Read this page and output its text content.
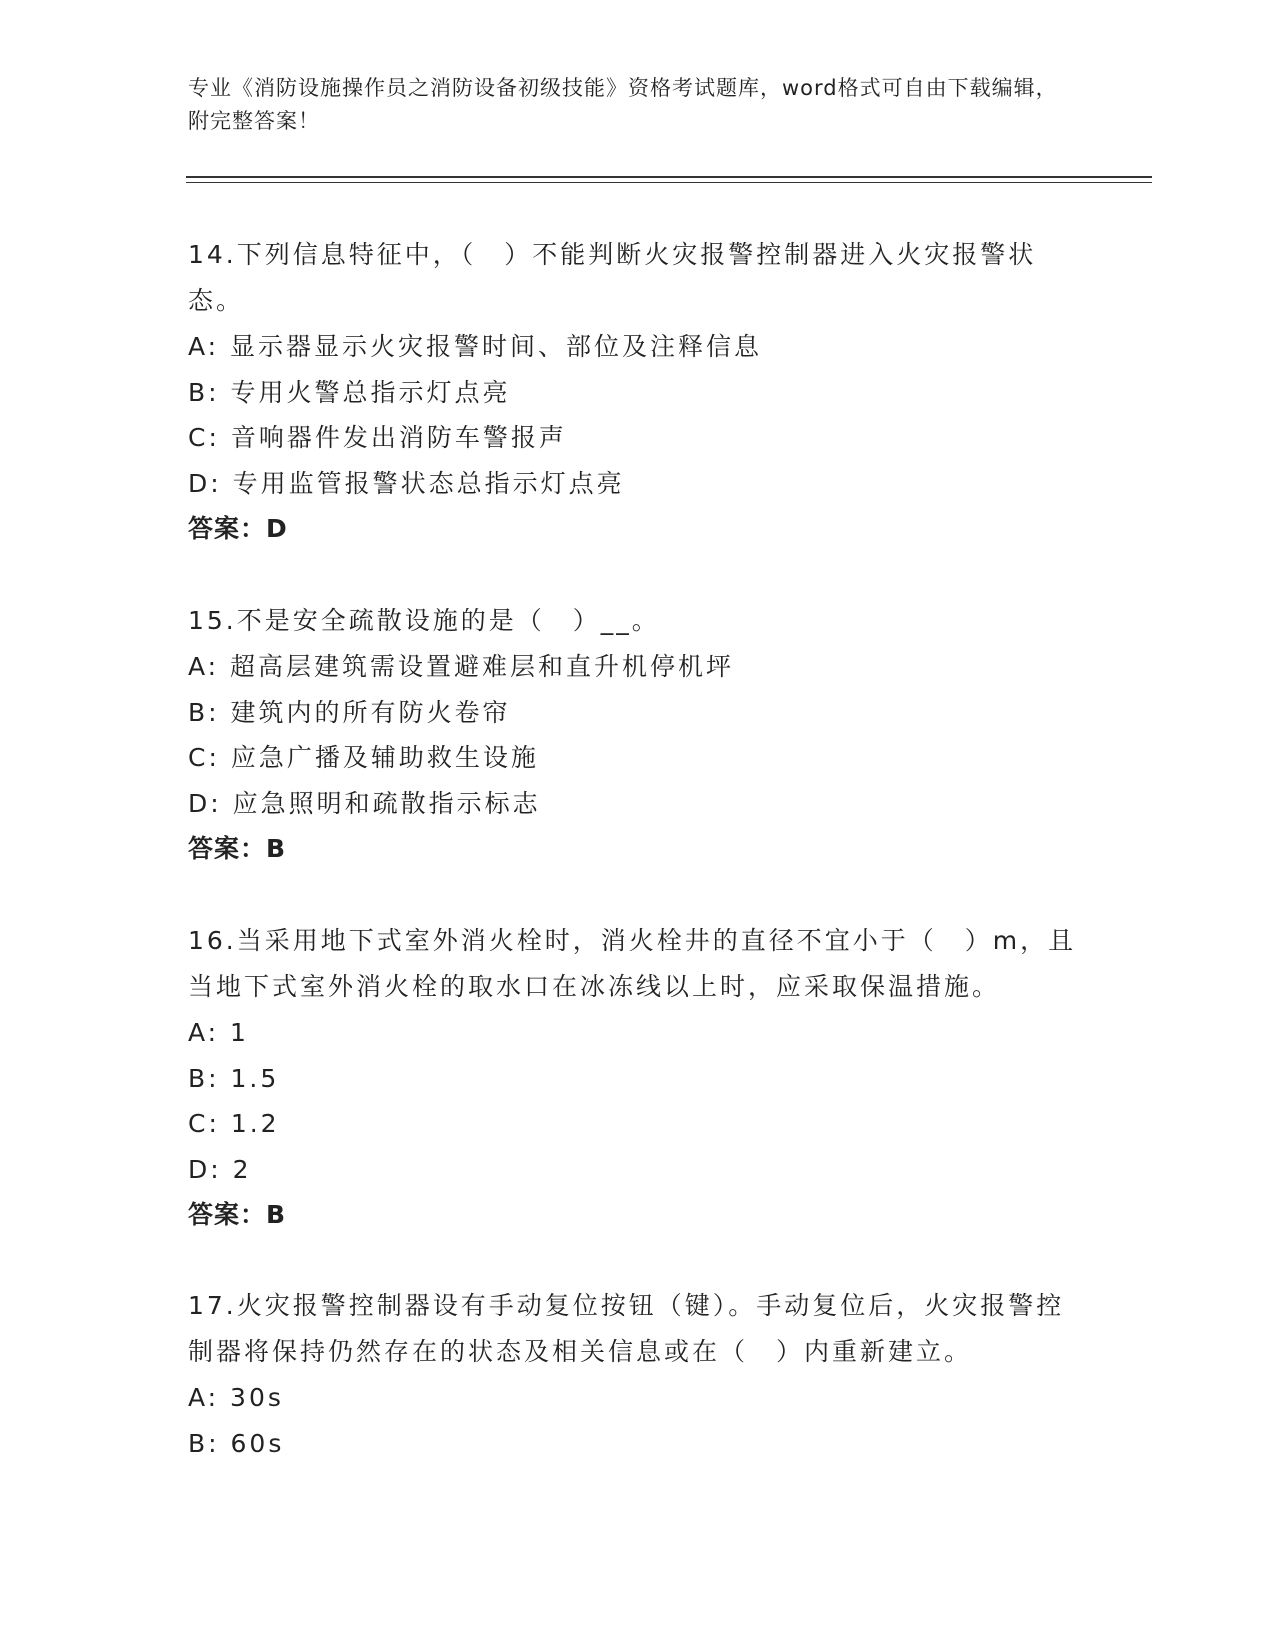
专业《消防设施操作员之消防设备初级技能》资格考试题库，word格式可自由下载编辑，附完整答案！
14.下列信息特征中，（　）不能判断火灾报警控制器进入火灾报警状态。
A: 显示器显示火灾报警时间、部位及注释信息
B: 专用火警总指示灯点亮
C: 音响器件发出消防车警报声
D: 专用监管报警状态总指示灯点亮
答案：D
15.不是安全疏散设施的是（　）__。
A: 超高层建筑需设置避难层和直升机停机坪
B: 建筑内的所有防火卷帘
C: 应急广播及辅助救生设施
D: 应急照明和疏散指示标志
答案：B
16.当采用地下式室外消火栓时，消火栓井的直径不宜小于（　）m，且当地下式室外消火栓的取水口在冰冻线以上时，应采取保温措施。
A: 1
B: 1.5
C: 1.2
D: 2
答案：B
17.火灾报警控制器设有手动复位按钮（键）。手动复位后，火灾报警控制器将保持仍然存在的状态及相关信息或在（　）内重新建立。
A: 30s
B: 60s
